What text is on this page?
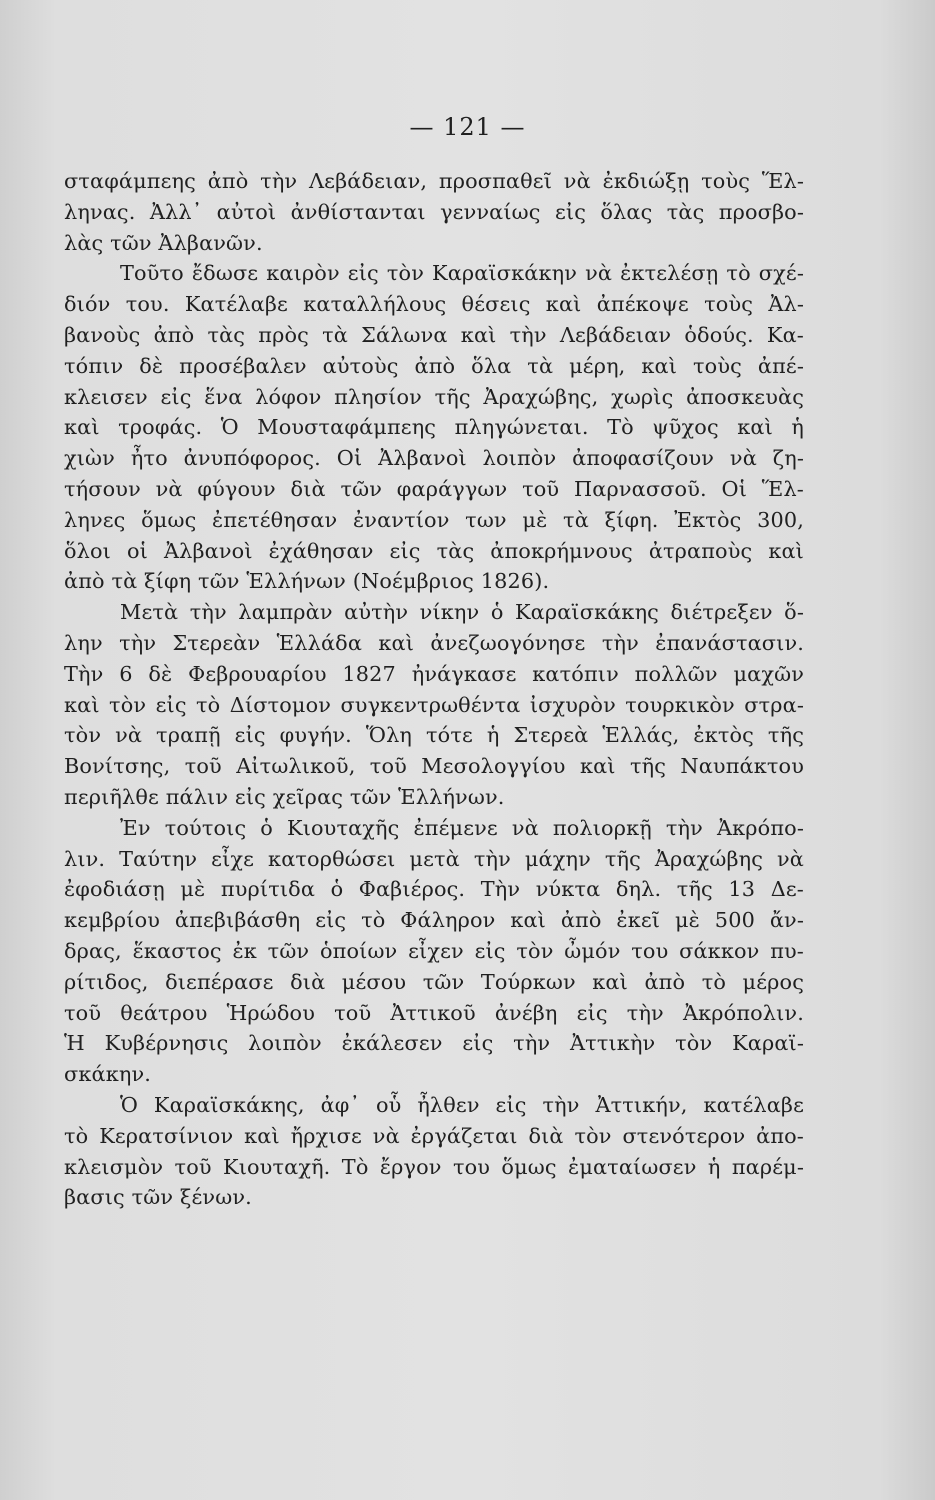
— 121 —
σταφάμπεης ἀπὸ τὴν Λεβάδειαν, προσπαθεῖ νὰ ἐκδιώξῃ τοὺς Ἕλ-
ληνας. Ἀλλ᾽ αὐτοὶ ἀνθίστανται γενναίως εἰς ὅλας τὰς προσβο-
λὰς τῶν Ἀλβανῶν.
Τοῦτο ἔδωσε καιρὸν εἰς τὸν Καραϊσκάκην νὰ ἐκτελέσῃ τὸ σχέ-
διόν του. Κατέλαβε καταλλήλους θέσεις καὶ ἀπέκοψε τοὺς Ἀλ-
βανοὺς ἀπὸ τὰς πρὸς τὰ Σάλωνα καὶ τὴν Λεβάδειαν ὁδούς. Κα-
τόπιν δὲ προσέβαλεν αὐτοὺς ἀπὸ ὅλα τὰ μέρη, καὶ τοὺς ἀπέ-
κλεισεν εἰς ἕνα λόφον πλησίον τῆς Ἀραχώβης, χωρὶς ἀποσκευὰς
καὶ τροφάς. Ὁ Μουσταφάμπεης πληγώνεται. Τὸ ψῦχος καὶ ἡ
χιὼν ἦτο ἀνυπόφορος. Οἱ Ἀλβανοὶ λοιπὸν ἀποφασίζουν νὰ ζη-
τήσουν νὰ φύγουν διὰ τῶν φαράγγων τοῦ Παρνασσοῦ. Οἱ Ἕλ-
ληνες ὅμως ἐπετέθησαν ἐναντίον των μὲ τὰ ξίφη. Ἐκτὸς 300,
ὅλοι οἱ Ἀλβανοὶ ἐχάθησαν εἰς τὰς ἀποκρήμνους ἀτραποὺς καὶ
ἀπὸ τὰ ξίφη τῶν Ἑλλήνων (Νοέμβριος 1826).
Μετὰ τὴν λαμπρὰν αὐτὴν νίκην ὁ Καραϊσκάκης διέτρεξεν ὅ-
λην τὴν Στερεὰν Ἑλλάδα καὶ ἀνεζωογόνησε τὴν ἐπανάστασιν.
Τὴν 6 δὲ Φεβρουαρίου 1827 ἠνάγκασε κατόπιν πολλῶν μαχῶν
καὶ τὸν εἰς τὸ Δίστομον συγκεντρωθέντα ἰσχυρὸν τουρκικὸν στρα-
τὸν νὰ τραπῇ εἰς φυγήν. Ὅλη τότε ἡ Στερεὰ Ἑλλάς, ἐκτὸς τῆς
Βονίτσης, τοῦ Αἰτωλικοῦ, τοῦ Μεσολογγίου καὶ τῆς Ναυπάκτου
περιῆλθε πάλιν εἰς χεῖρας τῶν Ἑλλήνων.
Ἐν τούτοις ὁ Κιουταχῆς ἐπέμενε νὰ πολιορκῇ τὴν Ἀκρόπο-
λιν. Ταύτην εἶχε κατορθώσει μετὰ τὴν μάχην τῆς Ἀραχώβης νὰ
ἐφοδιάσῃ μὲ πυρίτιδα ὁ Φαβιέρος. Τὴν νύκτα δηλ. τῆς 13 Δε-
κεμβρίου ἀπεβιβάσθη εἰς τὸ Φάληρον καὶ ἀπὸ ἐκεῖ μὲ 500 ἄν-
δρας, ἕκαστος ἐκ τῶν ὁποίων εἶχεν εἰς τὸν ὦμόν του σάκκον πυ-
ρίτιδος, διεπέρασε διὰ μέσου τῶν Τούρκων καὶ ἀπὸ τὸ μέρος
τοῦ θεάτρου Ἡρώδου τοῦ Ἀττικοῦ ἀνέβη εἰς τὴν Ἀκρόπολιν.
Ἡ Κυβέρνησις λοιπὸν ἐκάλεσεν εἰς τὴν Ἀττικὴν τὸν Καραϊ-
σκάκην.
Ὁ Καραϊσκάκης, ἀφ᾽ οὗ ἦλθεν εἰς τὴν Ἀττικήν, κατέλαβε
τὸ Κερατσίνιον καὶ ἤρχισε νὰ ἐργάζεται διὰ τὸν στενότερον ἀπο-
κλεισμὸν τοῦ Κιουταχῆ. Τὸ ἔργον του ὅμως ἐματαίωσεν ἡ παρέμ-
βασις τῶν ξένων.
